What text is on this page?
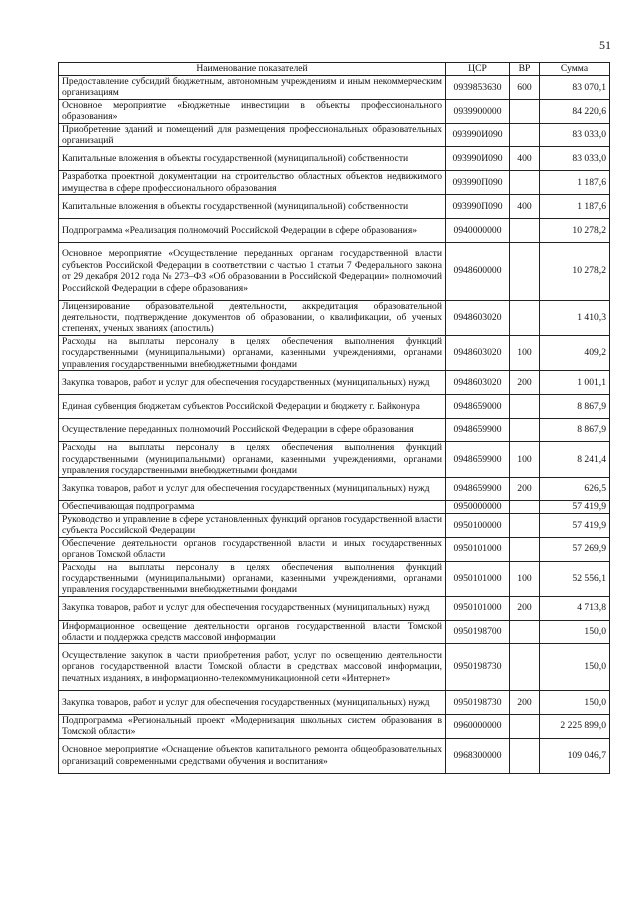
51
Наименование показателей	ЦСР	ВР	Сумма
Предоставление субсидий бюджетным, автономным учреждениям и иным некоммерческим организациям	0939853630	600	83 070,1
Основное мероприятие «Бюджетные инвестиции в объекты профессионального образования»	0939900000		84 220,6
Приобретение зданий и помещений для размещения профессиональных образовательных организаций	093990И090		83 033,0
Капитальные вложения в объекты государственной (муниципальной) собственности	093990И090	400	83 033,0
Разработка проектной документации на строительство областных объектов недвижимого имущества в сфере профессионального образования	093990П090		1 187,6
Капитальные вложения в объекты государственной (муниципальной) собственности	093990П090	400	1 187,6
Подпрограмма «Реализация полномочий Российской Федерации в сфере образования»	0940000000		10 278,2
Основное мероприятие «Осуществление переданных органам государственной власти субъектов Российской Федерации в соответствии с частью 1 статьи 7 Федерального закона от 29 декабря 2012 года № 273–ФЗ «Об образовании в Российской Федерации» полномочий Российской Федерации в сфере образования»	0948600000		10 278,2
Лицензирование образовательной деятельности, аккредитация образовательной деятельности, подтверждение документов об образовании, о квалификации, об ученых степенях, ученых званиях (апостиль)	0948603020		1 410,3
Расходы на выплаты персоналу в целях обеспечения выполнения функций государственными (муниципальными) органами, казенными учреждениями, органами управления государственными внебюджетными фондами	0948603020	100	409,2
Закупка товаров, работ и услуг для обеспечения государственных (муниципальных) нужд	0948603020	200	1 001,1
Единая субвенция бюджетам субъектов Российской Федерации и бюджету г. Байконура	0948659000		8 867,9
Осуществление переданных полномочий Российской Федерации в сфере образования	0948659900		8 867,9
Расходы на выплаты персоналу в целях обеспечения выполнения функций государственными (муниципальными) органами, казенными учреждениями, органами управления государственными внебюджетными фондами	0948659900	100	8 241,4
Закупка товаров, работ и услуг для обеспечения государственных (муниципальных) нужд	0948659900	200	626,5
Обеспечивающая подпрограмма	0950000000		57 419,9
Руководство и управление в сфере установленных функций органов государственной власти субъекта Российской Федерации	0950100000		57 419,9
Обеспечение деятельности органов государственной власти и иных государственных органов Томской области	0950101000		57 269,9
Расходы на выплаты персоналу в целях обеспечения выполнения функций государственными (муниципальными) органами, казенными учреждениями, органами управления государственными внебюджетными фондами	0950101000	100	52 556,1
Закупка товаров, работ и услуг для обеспечения государственных (муниципальных) нужд	0950101000	200	4 713,8
Информационное освещение деятельности органов государственной власти Томской области и поддержка средств массовой информации	0950198700		150,0
Осуществление закупок в части приобретения работ, услуг по освещению деятельности органов государственной власти Томской области в средствах массовой информации, печатных изданиях, в информационно-телекоммуникационной сети «Интернет»	0950198730		150,0
Закупка товаров, работ и услуг для обеспечения государственных (муниципальных) нужд	0950198730	200	150,0
Подпрограмма «Региональный проект «Модернизация школьных систем образования в Томской области»	0960000000		2 225 899,0
Основное мероприятие «Оснащение объектов капитального ремонта общеобразовательных организаций современными средствами обучения и воспитания»	0968300000		109 046,7
